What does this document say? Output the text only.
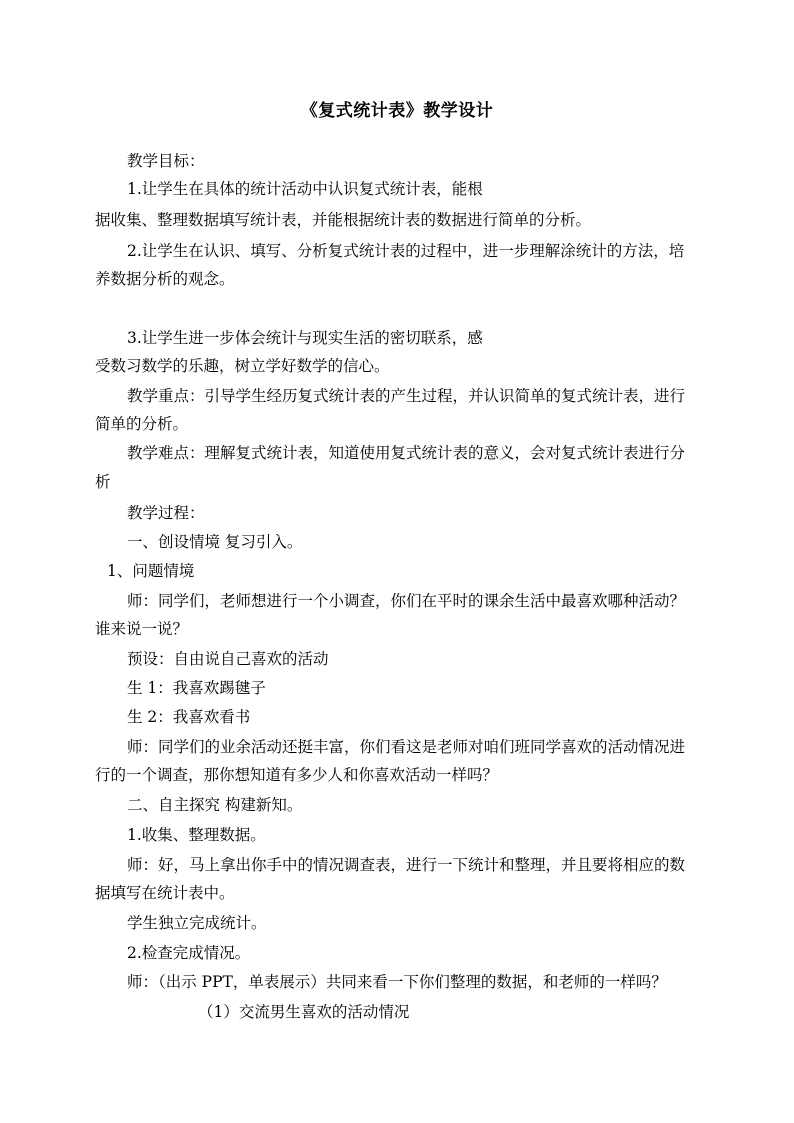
《复式统计表》教学设计
教学目标：
1.让学生在具体的统计活动中认识复式统计表，能根
据收集、整理数据填写统计表，并能根据统计表的数据进行简单的分析。
2.让学生在认识、填写、分析复式统计表的过程中，进一步理解涂统计的方法，培
养数据分析的观念。
3.让学生进一步体会统计与现实生活的密切联系，感
受数习数学的乐趣，树立学好数学的信心。
教学重点：引导学生经历复式统计表的产生过程，并认识简单的复式统计表，进行
简单的分析。
教学难点：理解复式统计表，知道使用复式统计表的意义，会对复式统计表进行分
析
教学过程：
一、创设情境 复习引入。
1、问题情境
师：同学们，老师想进行一个小调查，你们在平时的课余生活中最喜欢哪种活动？
谁来说一说？
预设：自由说自己喜欢的活动
生 1：我喜欢踢毽子
生 2：我喜欢看书
师：同学们的业余活动还挺丰富，你们看这是老师对咱们班同学喜欢的活动情况进
行的一个调查，那你想知道有多少人和你喜欢活动一样吗？
二、自主探究 构建新知。
1.收集、整理数据。
师：好，马上拿出你手中的情况调查表，进行一下统计和整理，并且要将相应的数
据填写在统计表中。
学生独立完成统计。
2.检查完成情况。
师：（出示 PPT，单表展示）共同来看一下你们整理的数据，和老师的一样吗？
（1）交流男生喜欢的活动情况
